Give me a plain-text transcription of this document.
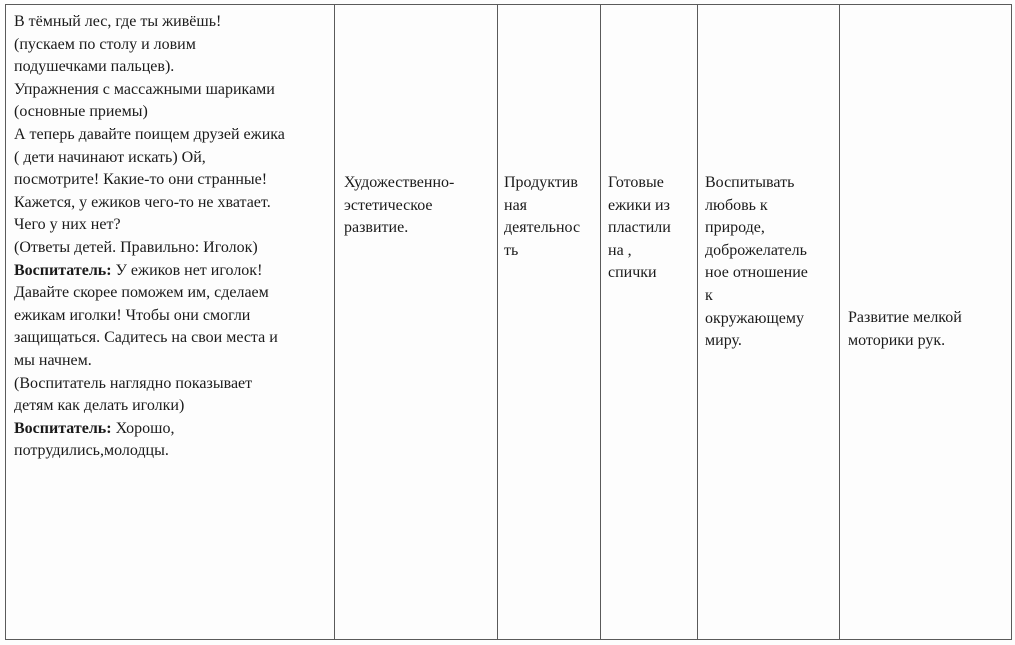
В тёмный лес, где ты живёшь!
(пускаем по столу и ловим
подушечками пальцев).
Упражнения с массажными шариками
(основные приемы)
А теперь давайте поищем друзей ежика
( дети начинают искать) Ой,
посмотрите! Какие-то они странные!
Кажется, у ежиков чего-то не хватает.
Чего у них нет?
(Ответы детей. Правильно: Иголок)
Воспитатель: У ежиков нет иголок!
Давайте скорее поможем им, сделаем
ежикам иголки! Чтобы они смогли
защищаться. Садитесь на свои места и
мы начнем.
(Воспитатель наглядно показывает
детям как делать иголки)
Воспитатель: Хорошо,
потрудились,молодцы.

Художественно-
эстетическое
развитие.

Продуктив
ная
деятельнос
ть

Готовые
ежики из
пластили
на ,
спички

Воспитывать
любовь к
природе,
доброжелатель
ное отношение
к
окружающему
миру.

Развитие мелкой
моторики рук.
